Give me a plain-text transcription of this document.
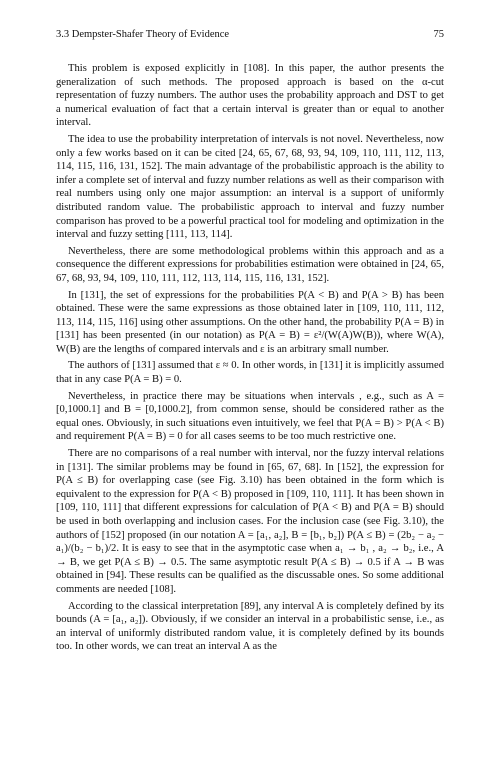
3.3 Dempster-Shafer Theory of Evidence	75

This problem is exposed explicitly in [108]. In this paper, the author presents the generalization of such methods. The proposed approach is based on the α-cut representation of fuzzy numbers. The author uses the probability approach and DST to get a numerical evaluation of fact that a certain interval is greater than or equal to another interval.

The idea to use the probability interpretation of intervals is not novel. Nevertheless, now only a few works based on it can be cited [24, 65, 67, 68, 93, 94, 109, 110, 111, 112, 113, 114, 115, 116, 131, 152]. The main advantage of the probabilistic approach is the ability to infer a complete set of interval and fuzzy number relations as well as their comparison with real numbers using only one major assumption: an interval is a support of uniformly distributed random value. The probabilistic approach to interval and fuzzy number comparison has proved to be a powerful practical tool for modeling and optimization in the interval and fuzzy setting [111, 113, 114].

Nevertheless, there are some methodological problems within this approach and as a consequence the different expressions for probabilities estimation were obtained in [24, 65, 67, 68, 93, 94, 109, 110, 111, 112, 113, 114, 115, 116, 131, 152].

In [131], the set of expressions for the probabilities P(A < B) and P(A > B) has been obtained. These were the same expressions as those obtained later in [109, 110, 111, 112, 113, 114, 115, 116] using other assumptions. On the other hand, the probability P(A = B) in [131] has been presented (in our notation) as P(A = B) = ε²/(W(A)W(B)), where W(A), W(B) are the lengths of compared intervals and ε is an arbitrary small number.

The authors of [131] assumed that ε ≈ 0. In other words, in [131] it is implicitly assumed that in any case P(A = B) = 0.

Nevertheless, in practice there may be situations when intervals , e.g., such as A = [0,1000.1] and B = [0,1000.2], from common sense, should be considered rather as the equal ones. Obviously, in such situations even intuitively, we feel that P(A = B) > P(A < B) and requirement P(A = B) = 0 for all cases seems to be too much restrictive one.

There are no comparisons of a real number with interval, nor the fuzzy interval relations in [131]. The similar problems may be found in [65, 67, 68]. In [152], the expression for P(A ≤ B) for overlapping case (see Fig. 3.10) has been obtained in the form which is equivalent to the expression for P(A < B) proposed in [109, 110, 111]. It has been shown in [109, 110, 111] that different expressions for calculation of P(A < B) and P(A = B) should be used in both overlapping and inclusion cases. For the inclusion case (see Fig. 3.10), the authors of [152] proposed (in our notation A = [a₁, a₂], B = [b₁, b₂]) P(A ≤ B) = (2b₂ − a₂ − a₁)/(b₂ − b₁)/2. It is easy to see that in the asymptotic case when a₁ → b₁ , a₂ → b₂, i.e., A → B, we get P(A ≤ B) → 0.5. The same asymptotic result P(A ≤ B) → 0.5 if A → B was obtained in [94]. These results can be qualified as the discussable ones. So some additional comments are needed [108].

According to the classical interpretation [89], any interval A is completely defined by its bounds (A = [a₁, a₂]). Obviously, if we consider an interval in a probabilistic sense, i.e., as an interval of uniformly distributed random value, it is completely defined by its bounds too. In other words, we can treat an interval A as the
